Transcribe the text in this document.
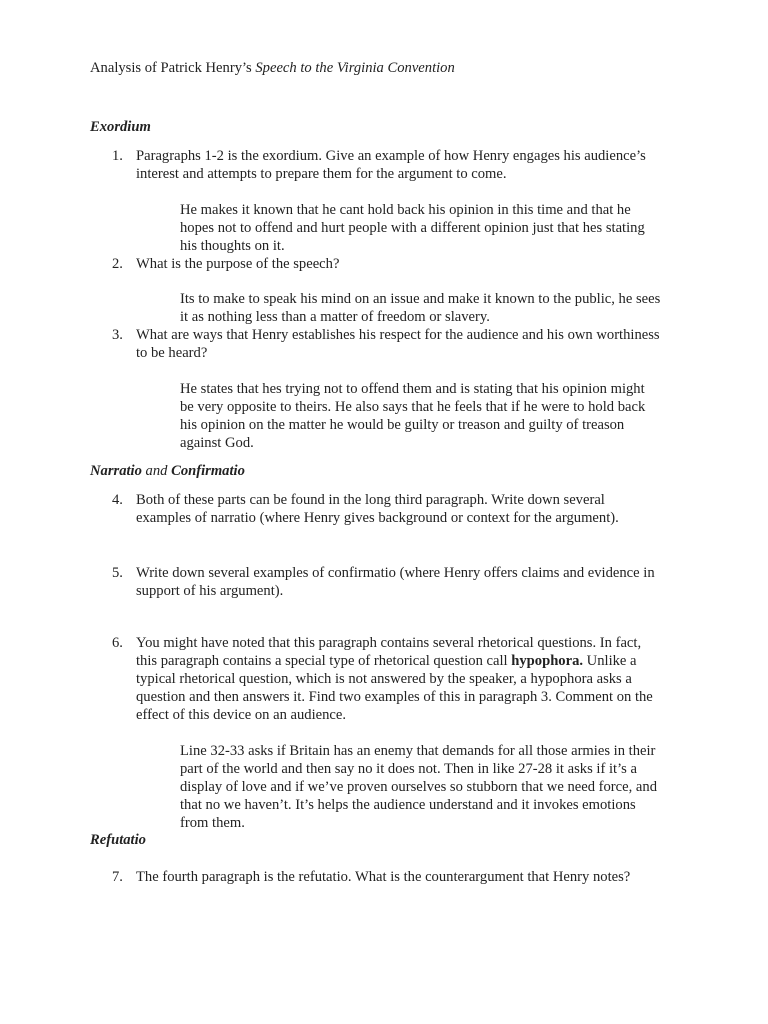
Analysis of Patrick Henry’s Speech to the Virginia Convention
Exordium
1. Paragraphs 1-2 is the exordium. Give an example of how Henry engages his audience’s
interest and attempts to prepare them for the argument to come.
He makes it known that he cant hold back his opinion in this time and that he
hopes not to offend and hurt people with a different opinion just that hes stating
his thoughts on it.
2. What is the purpose of the speech?
Its to make to speak his mind on an issue and make it known to the public, he sees
it as nothing less than a matter of freedom or slavery.
3. What are ways that Henry establishes his respect for the audience and his own worthiness
to be heard?
He states that hes trying not to offend them and is stating that his opinion might
be very opposite to theirs. He also says that he feels that if he were to hold back
his opinion on the matter he would be guilty or treason and guilty of treason
against God.
Narratio and Confirmatio
4. Both of these parts can be found in the long third paragraph. Write down several
examples of narratio (where Henry gives background or context for the argument).
5. Write down several examples of confirmatio (where Henry offers claims and evidence in
support of his argument).
6. You might have noted that this paragraph contains several rhetorical questions. In fact,
this paragraph contains a special type of rhetorical question call hypophora. Unlike a
typical rhetorical question, which is not answered by the speaker, a hypophora asks a
question and then answers it. Find two examples of this in paragraph 3. Comment on the
effect of this device on an audience.
Line 32-33 asks if Britain has an enemy that demands for all those armies in their
part of the world and then say no it does not. Then in like 27-28 it asks if it’s a
display of love and if we’ve proven ourselves so stubborn that we need force, and
that no we haven’t. It’s helps the audience understand and it invokes emotions
from them.
Refutatio
7. The fourth paragraph is the refutatio. What is the counterargument that Henry notes?
